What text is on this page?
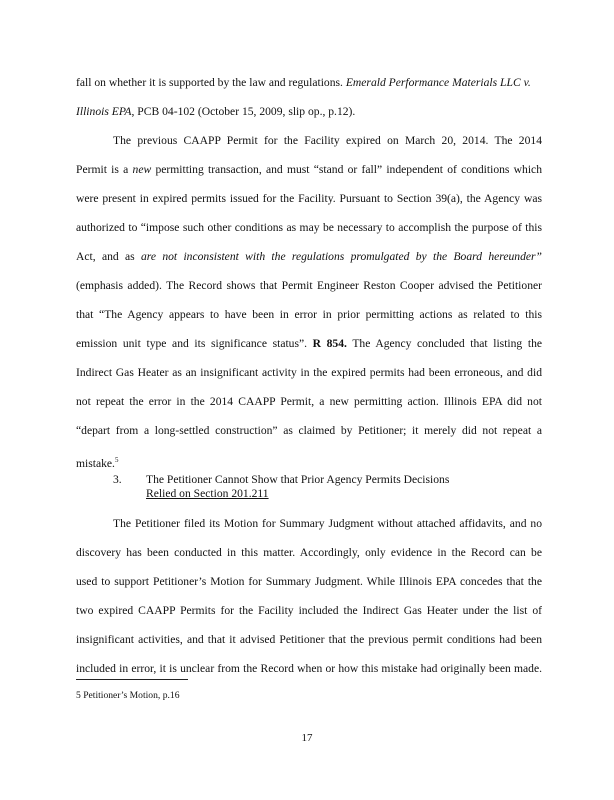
fall on whether it is supported by the law and regulations. Emerald Performance Materials LLC v.
Illinois EPA, PCB 04-102 (October 15, 2009, slip op., p.12).
The previous CAAPP Permit for the Facility expired on March 20, 2014. The 2014
Permit is a new permitting transaction, and must “stand or fall” independent of conditions which
were present in expired permits issued for the Facility. Pursuant to Section 39(a), the Agency was
authorized to “impose such other conditions as may be necessary to accomplish the purpose of this
Act, and as are not inconsistent with the regulations promulgated by the Board hereunder”
(emphasis added). The Record shows that Permit Engineer Reston Cooper advised the Petitioner
that “The Agency appears to have been in error in prior permitting actions as related to this
emission unit type and its significance status”. R 854. The Agency concluded that listing the
Indirect Gas Heater as an insignificant activity in the expired permits had been erroneous, and did
not repeat the error in the 2014 CAAPP Permit, a new permitting action. Illinois EPA did not
“depart from a long-settled construction” as claimed by Petitioner; it merely did not repeat a
mistake.$^5$
3. The Petitioner Cannot Show that Prior Agency Permits Decisions
Relied on Section 201.211
The Petitioner filed its Motion for Summary Judgment without attached affidavits, and no
discovery has been conducted in this matter. Accordingly, only evidence in the Record can be
used to support Petitioner’s Motion for Summary Judgment. While Illinois EPA concedes that the
two expired CAAPP Permits for the Facility included the Indirect Gas Heater under the list of
insignificant activities, and that it advised Petitioner that the previous permit conditions had been
included in error, it is unclear from the Record when or how this mistake had originally been made.
5 Petitioner’s Motion, p.16
17
